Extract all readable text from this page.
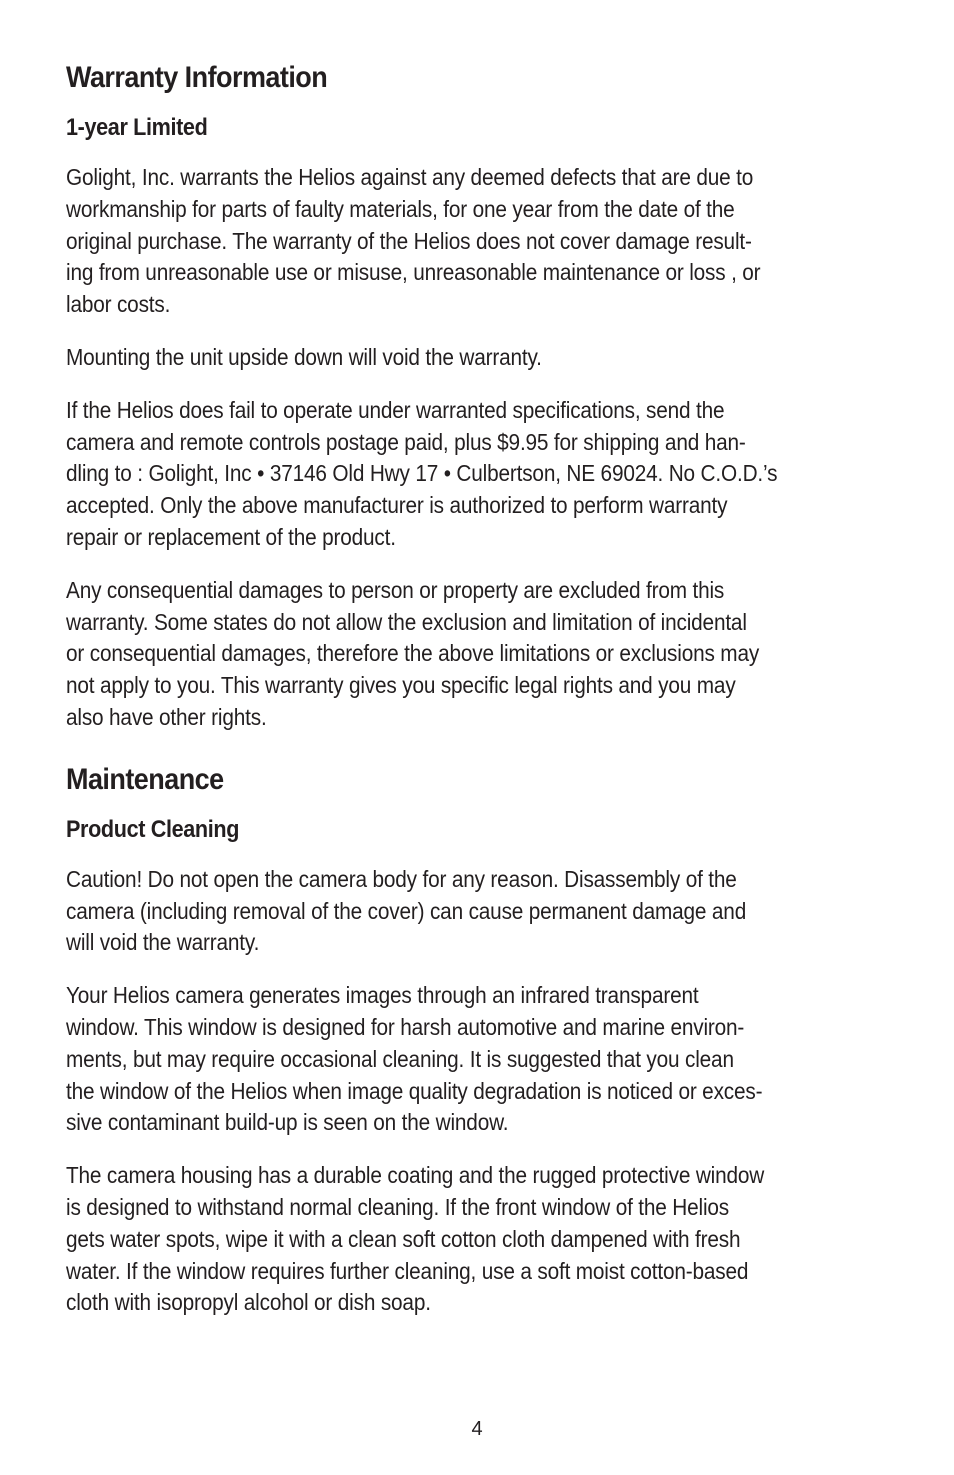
Warranty Information
1-year Limited

Golight, Inc. warrants the Helios against any deemed defects that are due to
workmanship for parts of faulty materials, for one year from the date of the
original purchase. The warranty of the Helios does not cover damage result-
ing from unreasonable use or misuse, unreasonable maintenance or loss , or
labor costs.

Mounting the unit upside down will void the warranty.

If the Helios does fail to operate under warranted specifications, send the
camera and remote controls postage paid, plus $9.95 for shipping and han-
dling to : Golight, Inc • 37146 Old Hwy 17 • Culbertson, NE 69024. No C.O.D.’s
accepted. Only the above manufacturer is authorized to perform warranty
repair or replacement of the product.

Any consequential damages to person or property are excluded from this
warranty. Some states do not allow the exclusion and limitation of incidental
or consequential damages, therefore the above limitations or exclusions may
not apply to you. This warranty gives you specific legal rights and you may
also have other rights.

Maintenance
Product Cleaning

Caution! Do not open the camera body for any reason. Disassembly of the
camera (including removal of the cover) can cause permanent damage and
will void the warranty.

Your Helios camera generates images through an infrared transparent
window. This window is designed for harsh automotive and marine environ-
ments, but may require occasional cleaning. It is suggested that you clean
the window of the Helios when image quality degradation is noticed or exces-
sive contaminant build-up is seen on the window.

The camera housing has a durable coating and the rugged protective window
is designed to withstand normal cleaning. If the front window of the Helios
gets water spots, wipe it with a clean soft cotton cloth dampened with fresh
water. If the window requires further cleaning, use a soft moist cotton-based
cloth with isopropyl alcohol or dish soap.

4
